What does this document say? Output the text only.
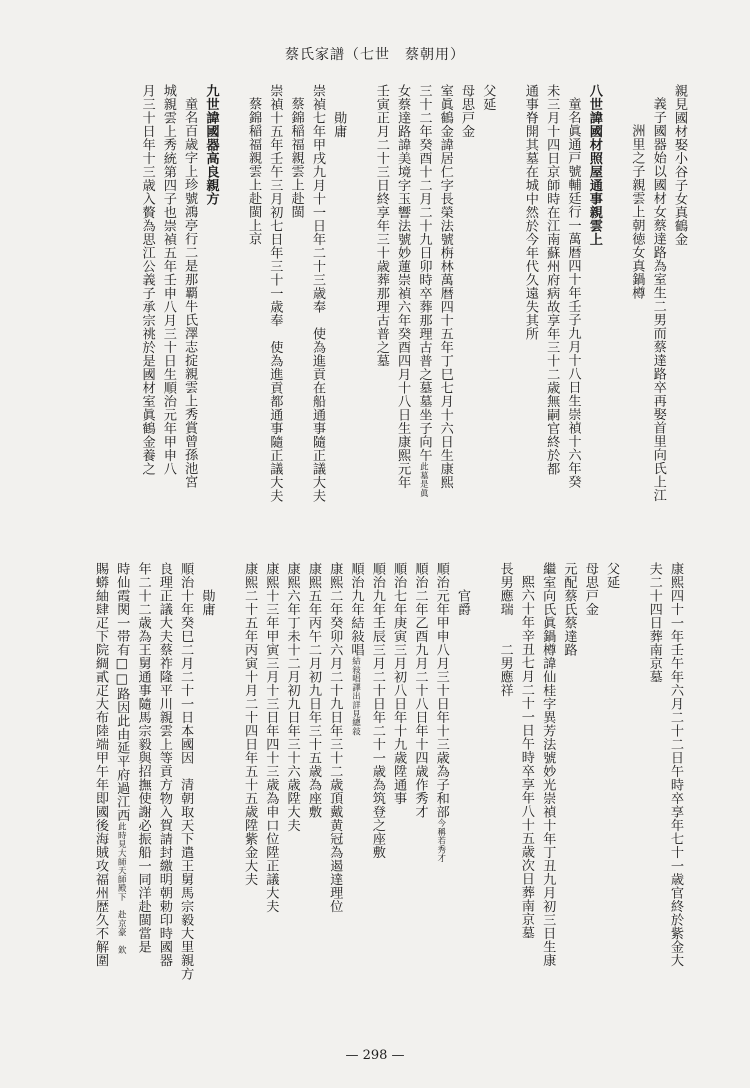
蔡氏家譜（七世　蔡朝用）
親見國材娶小谷子女真鶴金
義子國器始以國材女蔡達路為室生二男而蔡達路卒再娶首里向氏上江
洲里之子親雲上朝徳女真鍋樽
八世諱國材照屋通事親雲上
童名眞通戸號輔廷行一萬暦四十年壬子九月十八日生崇禎十六年癸
未三月十四日京師時在江南蘇州府病故享年三十二歳無嗣官終於都
通事脊開其墓在城中然於今年代久遠失其所
父延
母思戸金
室眞鶴金諱居仁字長榮法號栴林萬暦四十五年丁巳七月十六日生康熙
三十二年癸酉十二月二十九日卯時卒葬那理古普之墓墓坐子向午此墓是眞
女蔡達路諱美境字玉響法號妙蓮崇禎六年癸酉四月十八日生康熙元年
壬寅正月二十三日終享年三十歳葬那理古普之墓
勛庸
崇禎七年甲戌九月十一日年二十三歳奉　使為進貢在船通事隨正議大夫
蔡錦稲福親雲上赴閩
崇禎十五年壬午三月初七日年三十一歳奉　使為進貢都通事隨正議大夫
蔡錦稲福親雲上赴閩上京
九世諱國器高良親方
童名百歳字上珍號鴻亭行二是那覇牛氏澤志掟親雲上秀賞曾孫池宮
城親雲上秀統第四子也崇禎五年壬申八月三十日生順治元年甲申八
月三十日年十三歳入贅為思江公義子承宗祧於是國材室眞鶴金養之
康熙四十一年壬午年六月二十二日午時卒享年七十一歳官終於紫金大
夫二十四日葬南京墓
父延
母思戸金
元配蔡氏蔡達路
繼室向氏眞鍋樽諱仙桂字異芳法號妙光崇禎十年丁丑九月初三日生康
熙六十年辛丑七月二十一日午時卒享年八十五歳次日葬南京墓
長男應瑞　　二男應祥
官爵
順治元年甲申八月三十日年十三歳為子和部今稱若秀才
順治二年乙酉九月二十八日年十四歳作秀才
順治七年庚寅三月初八日年十九歳陞通事
順治九年壬辰三月二十日年二十一歳為筑登之座敷
順治九年結敍唱結敍唱譯出詳見總敍
康熙二年癸卯六月二十九日年三十二歳頂戴黄冠為遏達理位
康熙五年丙午二月初九日年三十五歳為座敷
康熙六年丁未十二月初九日年三十六歳陞大夫
康熙十三年甲寅三月十三日年四十三歳為申口位陞正議大夫
康熙二十五年丙寅十月二十四日年五十五歳陞紫金大夫
勛庸
順治十年癸巳二月二十一日本國因　清朝取天下遣王舅馬宗毅大里親方
良理正議大夫蔡祚隆平川親雲上等貢方物入賀請封繳明朝勅印時國器
年二十二歳為王舅通事隨馬宗毅與招撫使謝必振船一同洋赴閩當是
時仙霞関一帯有□□路因此由延平府過江西此時見大師天師殿下　赴京豪　欽
賜蟒紬肆疋下院綢貳疋大布陸端甲午年即國後海賊攻福州歴久不解圍
— 298 —
